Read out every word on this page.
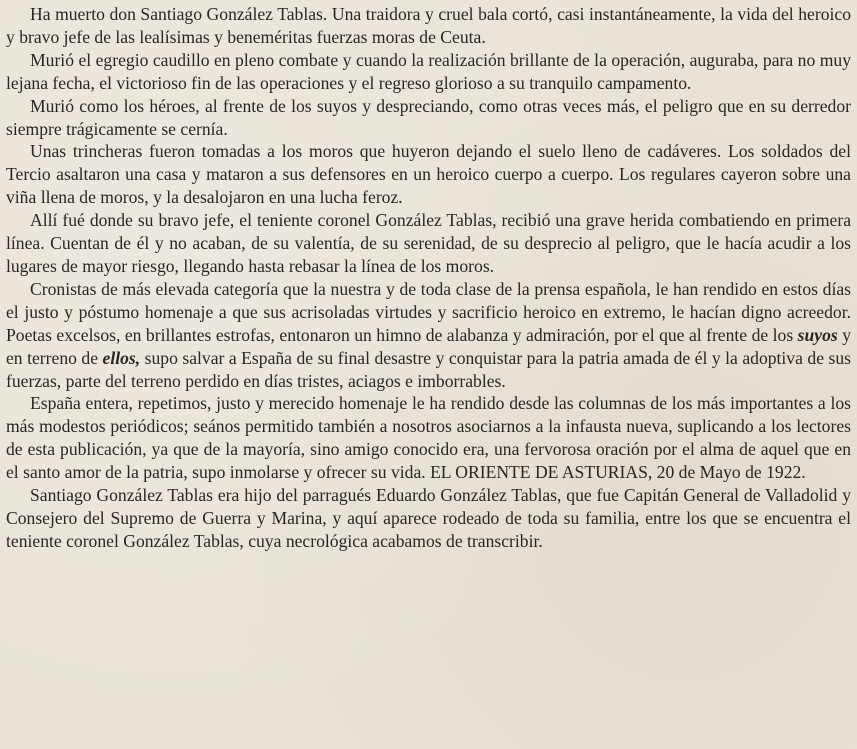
Ha muerto don Santiago González Tablas. Una traidora y cruel bala cortó, casi instantáneamente, la vida del heroico y bravo jefe de las lealísimas y beneméritas fuerzas moras de Ceuta.

Murió el egregio caudillo en pleno combate y cuando la realización brillante de la operación, auguraba, para no muy lejana fecha, el victorioso fin de las operaciones y el regreso glorioso a su tranquilo campamento.

Murió como los héroes, al frente de los suyos y despreciando, como otras veces más, el peligro que en su derredor siempre trágicamente se cernía.

Unas trincheras fueron tomadas a los moros que huyeron dejando el suelo lleno de cadáveres. Los soldados del Tercio asaltaron una casa y mataron a sus defensores en un heroico cuerpo a cuerpo. Los regulares cayeron sobre una viña llena de moros, y la desalojaron en una lucha feroz.

Allí fué donde su bravo jefe, el teniente coronel González Tablas, recibió una grave herida combatiendo en primera línea. Cuentan de él y no acaban, de su valentía, de su serenidad, de su desprecio al peligro, que le hacía acudir a los lugares de mayor riesgo, llegando hasta rebasar la línea de los moros.

Cronistas de más elevada categoría que la nuestra y de toda clase de la prensa española, le han rendido en estos días el justo y póstumo homenaje a que sus acrisoladas virtudes y sacrificio heroico en extremo, le hacían digno acreedor. Poetas excelsos, en brillantes estrofas, entonaron un himno de alabanza y admiración, por el que al frente de los suyos y en terreno de ellos, supo salvar a España de su final desastre y conquistar para la patria amada de él y la adoptiva de sus fuerzas, parte del terreno perdido en días tristes, aciagos e imborrables.

España entera, repetimos, justo y merecido homenaje le ha rendido desde las columnas de los más importantes a los más modestos periódicos; seános permitido también a nosotros asociarnos a la infausta nueva, suplicando a los lectores de esta publicación, ya que de la mayoría, sino amigo conocido era, una fervorosa oración por el alma de aquel que en el santo amor de la patria, supo inmolarse y ofrecer su vida. EL ORIENTE DE ASTURIAS, 20 de Mayo de 1922.

Santiago González Tablas era hijo del parragués Eduardo González Tablas, que fue Capitán General de Valladolid y Consejero del Supremo de Guerra y Marina, y aquí aparece rodeado de toda su familia, entre los que se encuentra el teniente coronel González Tablas, cuya necrológica acabamos de transcribir.
